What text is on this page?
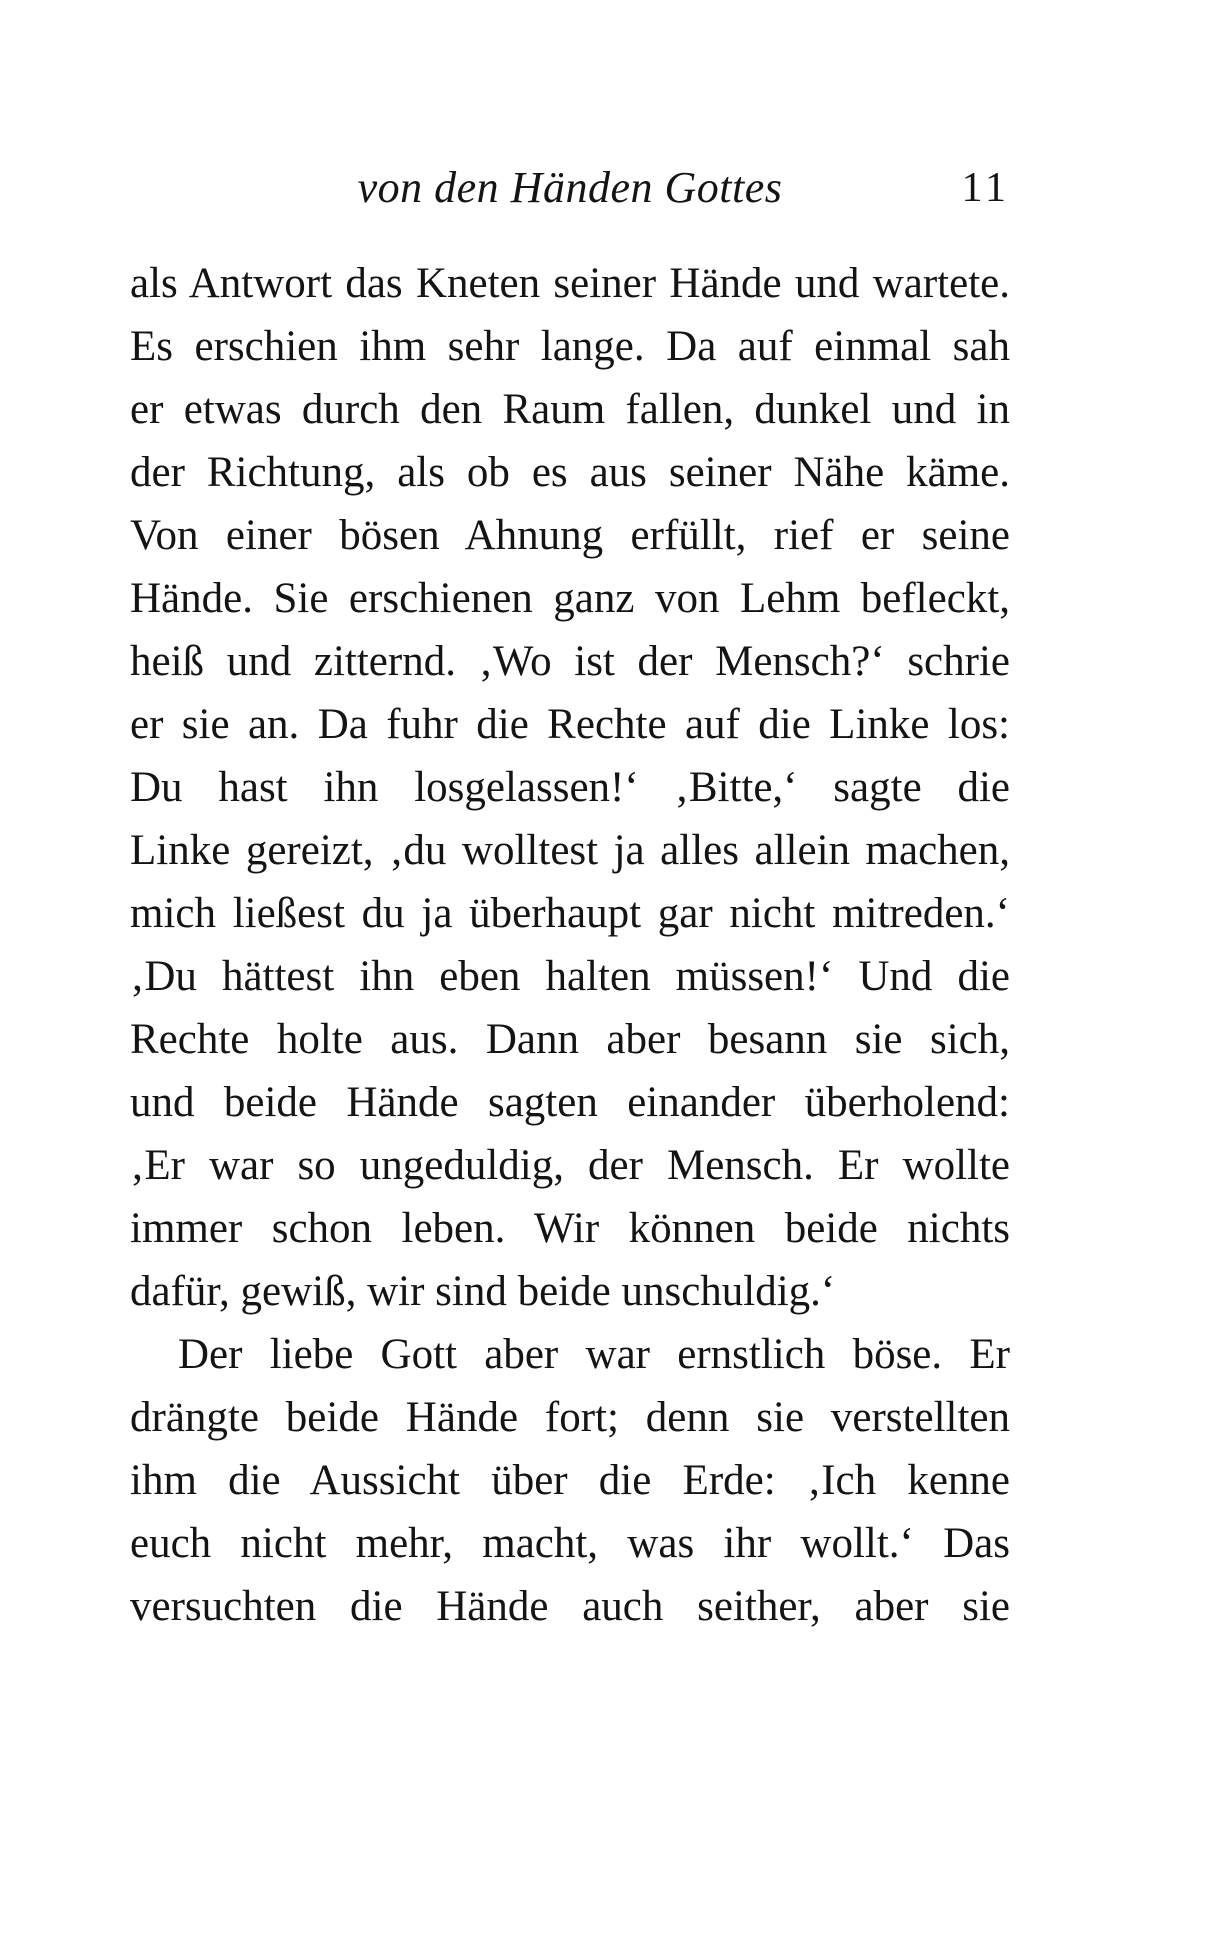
von den Händen Gottes	11
als Antwort das Kneten seiner Hände und wartete.
Es erschien ihm sehr lange. Da auf einmal sah
er etwas durch den Raum fallen, dunkel und in
der Richtung, als ob es aus seiner Nähe käme.
Von einer bösen Ahnung erfüllt, rief er seine
Hände. Sie erschienen ganz von Lehm befleckt,
heiß und zitternd. ‚Wo ist der Mensch?‘ schrie
er sie an. Da fuhr die Rechte auf die Linke los:
Du hast ihn losgelassen!‘ ‚Bitte,‘ sagte die
Linke gereizt, ‚du wolltest ja alles allein machen,
mich ließest du ja überhaupt gar nicht mitreden.‘
‚Du hättest ihn eben halten müssen!‘ Und die
Rechte holte aus. Dann aber besann sie sich,
und beide Hände sagten einander überholend:
‚Er war so ungeduldig, der Mensch. Er wollte
immer schon leben. Wir können beide nichts
dafür, gewiß, wir sind beide unschuldig.‘
Der liebe Gott aber war ernstlich böse. Er
drängte beide Hände fort; denn sie verstellten
ihm die Aussicht über die Erde: ‚Ich kenne
euch nicht mehr, macht, was ihr wollt.‘ Das
versuchten die Hände auch seither, aber sie
